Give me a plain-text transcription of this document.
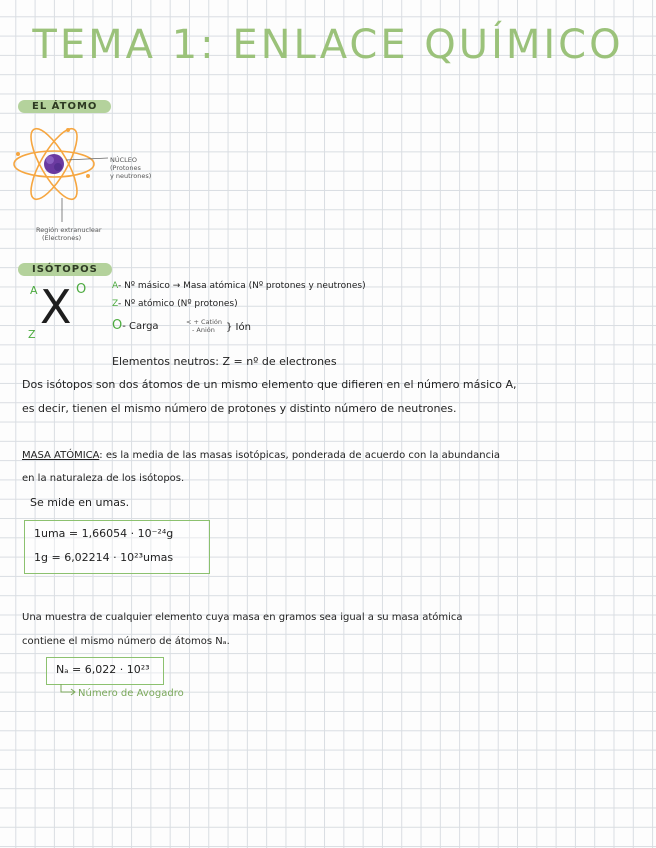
TEMA 1: ENLACE QUÍMICO
EL ÁTOMO
NÚCLEO
(Protones
y neutrones)
Región extranuclear
(Electrones)
ISÓTOPOS
A
Z
X O	A- Nº másico → Masa atómica (Nº protones y neutrones)
Z- Nº atómico (Nº protones)
O- Carga	< + Catión
- Anión	} Ión
Elementos neutros: Z = nº de electrones
Dos isótopos son dos átomos de un mismo elemento que difieren en el número másico A,
es decir, tienen el mismo número de protones y distinto número de neutrones.
MASA ATÓMICA: es la media de las masas isotópicas, ponderada de acuerdo con la abundancia
en la naturaleza de los isótopos.
Se mide en umas.
1uma = 1,66054 · 10⁻²⁴g
1g = 6,02214 · 10²³umas
Una muestra de cualquier elemento cuya masa en gramos sea igual a su masa atómica
contiene el mismo número de átomos Nₐ.
Nₐ = 6,022 · 10²³
Número de Avogadro
